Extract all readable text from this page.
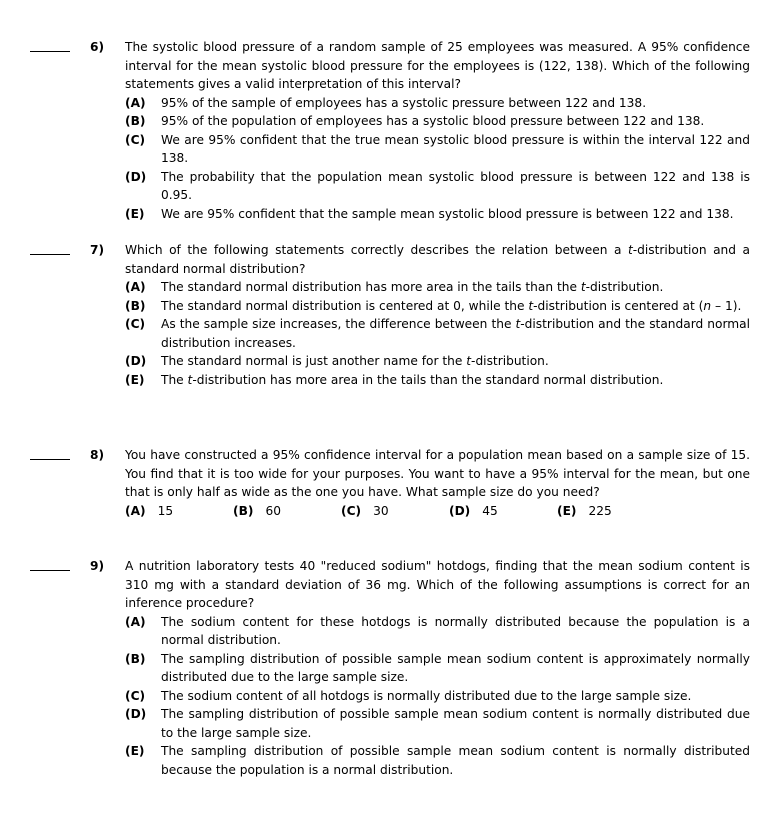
6) The systolic blood pressure of a random sample of 25 employees was measured. A 95% confidence interval for the mean systolic blood pressure for the employees is (122, 138). Which of the following statements gives a valid interpretation of this interval?

(A) 95% of the sample of employees has a systolic pressure between 122 and 138.
(B) 95% of the population of employees has a systolic blood pressure between 122 and 138.
(C) We are 95% confident that the true mean systolic blood pressure is within the interval 122 and 138.
(D) The probability that the population mean systolic blood pressure is between 122 and 138 is 0.95.
(E) We are 95% confident that the sample mean systolic blood pressure is between 122 and 138.
7) Which of the following statements correctly describes the relation between a t-distribution and a standard normal distribution?

(A) The standard normal distribution has more area in the tails than the t-distribution.
(B) The standard normal distribution is centered at 0, while the t-distribution is centered at (n – 1).
(C) As the sample size increases, the difference between the t-distribution and the standard normal distribution increases.
(D) The standard normal is just another name for the t-distribution.
(E) The t-distribution has more area in the tails than the standard normal distribution.
8) You have constructed a 95% confidence interval for a population mean based on a sample size of 15. You find that it is too wide for your purposes. You want to have a 95% interval for the mean, but one that is only half as wide as the one you have. What sample size do you need?

(A) 15	(B) 60	(C) 30	(D) 45	(E) 225
9) A nutrition laboratory tests 40 "reduced sodium" hotdogs, finding that the mean sodium content is 310 mg with a standard deviation of 36 mg. Which of the following assumptions is correct for an inference procedure?

(A) The sodium content for these hotdogs is normally distributed because the population is a normal distribution.
(B) The sampling distribution of possible sample mean sodium content is approximately normally distributed due to the large sample size.
(C) The sodium content of all hotdogs is normally distributed due to the large sample size.
(D) The sampling distribution of possible sample mean sodium content is normally distributed due to the large sample size.
(E) The sampling distribution of possible sample mean sodium content is normally distributed because the population is a normal distribution.
